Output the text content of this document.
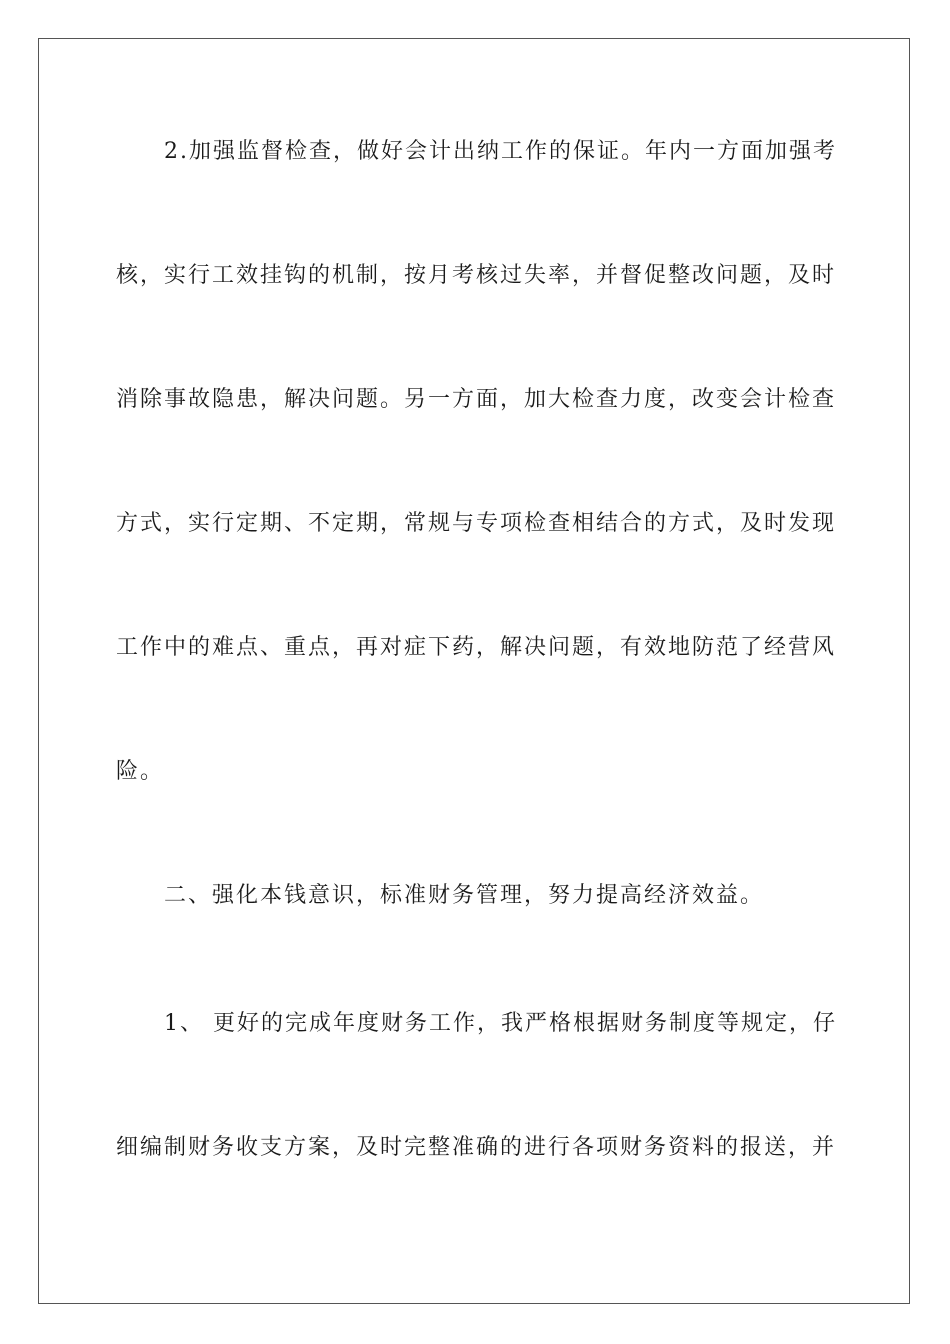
2.加强监督检查，做好会计出纳工作的保证。年内一方面加强考
核，实行工效挂钩的机制，按月考核过失率，并督促整改问题，及时
消除事故隐患，解决问题。另一方面，加大检查力度，改变会计检查
方式，实行定期、不定期，常规与专项检查相结合的方式，及时发现
工作中的难点、重点，再对症下药，解决问题，有效地防范了经营风
险。
二、强化本钱意识，标准财务管理，努力提高经济效益。
1、 更好的完成年度财务工作，我严格根据财务制度等规定，仔
细编制财务收支方案，及时完整准确的进行各项财务资料的报送，并
